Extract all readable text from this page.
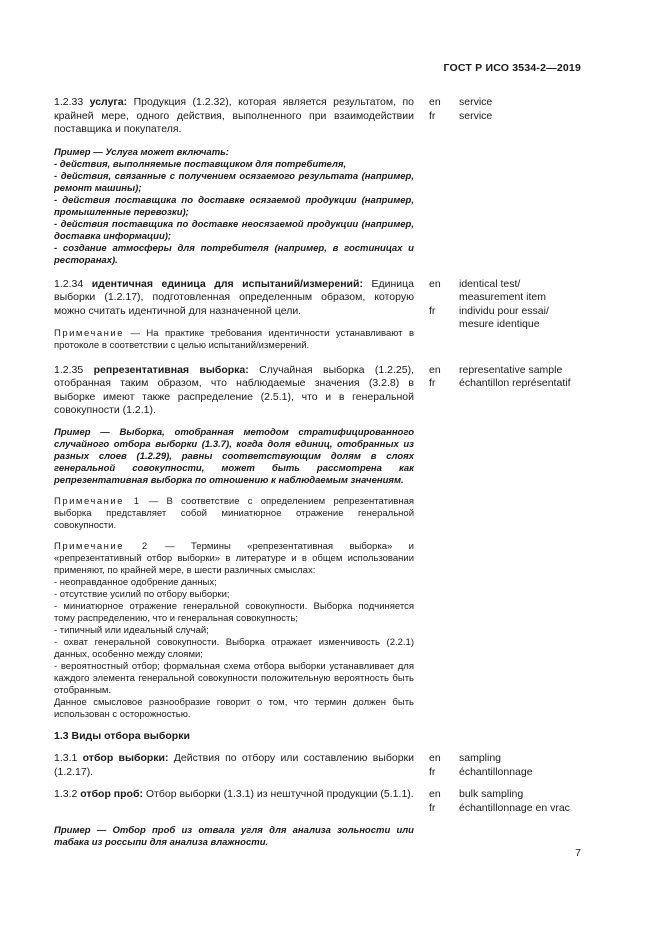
ГОСТ Р ИСО 3534-2—2019
1.2.33 услуга: Продукция (1.2.32), которая является результатом, по крайней мере, одного действия, выполненного при взаимодействии поставщика и покупателя.
en
fr
service
service
Пример — Услуга может включать:
- действия, выполняемые поставщиком для потребителя,
- действия, связанные с получением осязаемого результата (например, ремонт машины);
- действия поставщика по доставке осязаемой продукции (например, промышленные перевозки);
- действия поставщика по доставке неосязаемой продукции (например, доставка информации);
- создание атмосферы для потребителя (например, в гостиницах и ресторанах).
1.2.34 идентичная единица для испытаний/измерений: Единица выборки (1.2.17), подготовленная определенным образом, которую можно считать идентичной для назначенной цели.
en
fr
identical test/
measurement item
individu pour essai/
mesure identique
Примечание — На практике требования идентичности устанавливают в протоколе в соответствии с целью испытаний/измерений.
1.2.35 репрезентативная выборка: Случайная выборка (1.2.25), отобранная таким образом, что наблюдаемые значения (3.2.8) в выборке имеют также распределение (2.5.1), что и в генеральной совокупности (1.2.1).
en
fr
representative sample
échantillon représentatif
Пример — Выборка, отобранная методом стратифицированного случайного отбора выборки (1.3.7), когда доля единиц, отобранных из разных слоев (1.2.29), равны соответствующим долям в слоях генеральной совокупности, может быть рассмотрена как репрезентативная выборка по отношению к наблюдаемым значениям.
Примечание 1 — В соответствие с определением репрезентативная выборка представляет собой миниатюрное отражение генеральной совокупности.

Примечание 2 — Термины «репрезентативная выборка» и «репрезентативный отбор выборки» в литературе и в общем использовании применяют, по крайней мере, в шести различных смыслах:

- неоправданное одобрение данных;

- отсутствие усилий по отбору выборки;

- миниатюрное отражение генеральной совокупности. Выборка подчиняется тому распределению, что и генеральная совокупность;

- типичный или идеальный случай;

- охват генеральной совокупности. Выборка отражает изменчивость (2.2.1) данных, особенно между слоями;

- вероятностный отбор; формальная схема отбора выборки устанавливает для каждого элемента генеральной совокупности положительную вероятность быть отобранным.

Данное смысловое разнообразие говорит о том, что термин должен быть использован с осторожностью.

1.3 Виды отбора выборки
1.3.1 отбор выборки: Действия по отбору или составлению выборки (1.2.17).
en
fr
sampling
échantillonnage
1.3.2 отбор проб: Отбор выборки (1.3.1) из нештучной продукции (5.1.1). en
fr
bulk sampling
échantillonnage en vrac
Пример — Отбор проб из отвала угля для анализа зольности или табака из россыпи для анализа влажности.
7
